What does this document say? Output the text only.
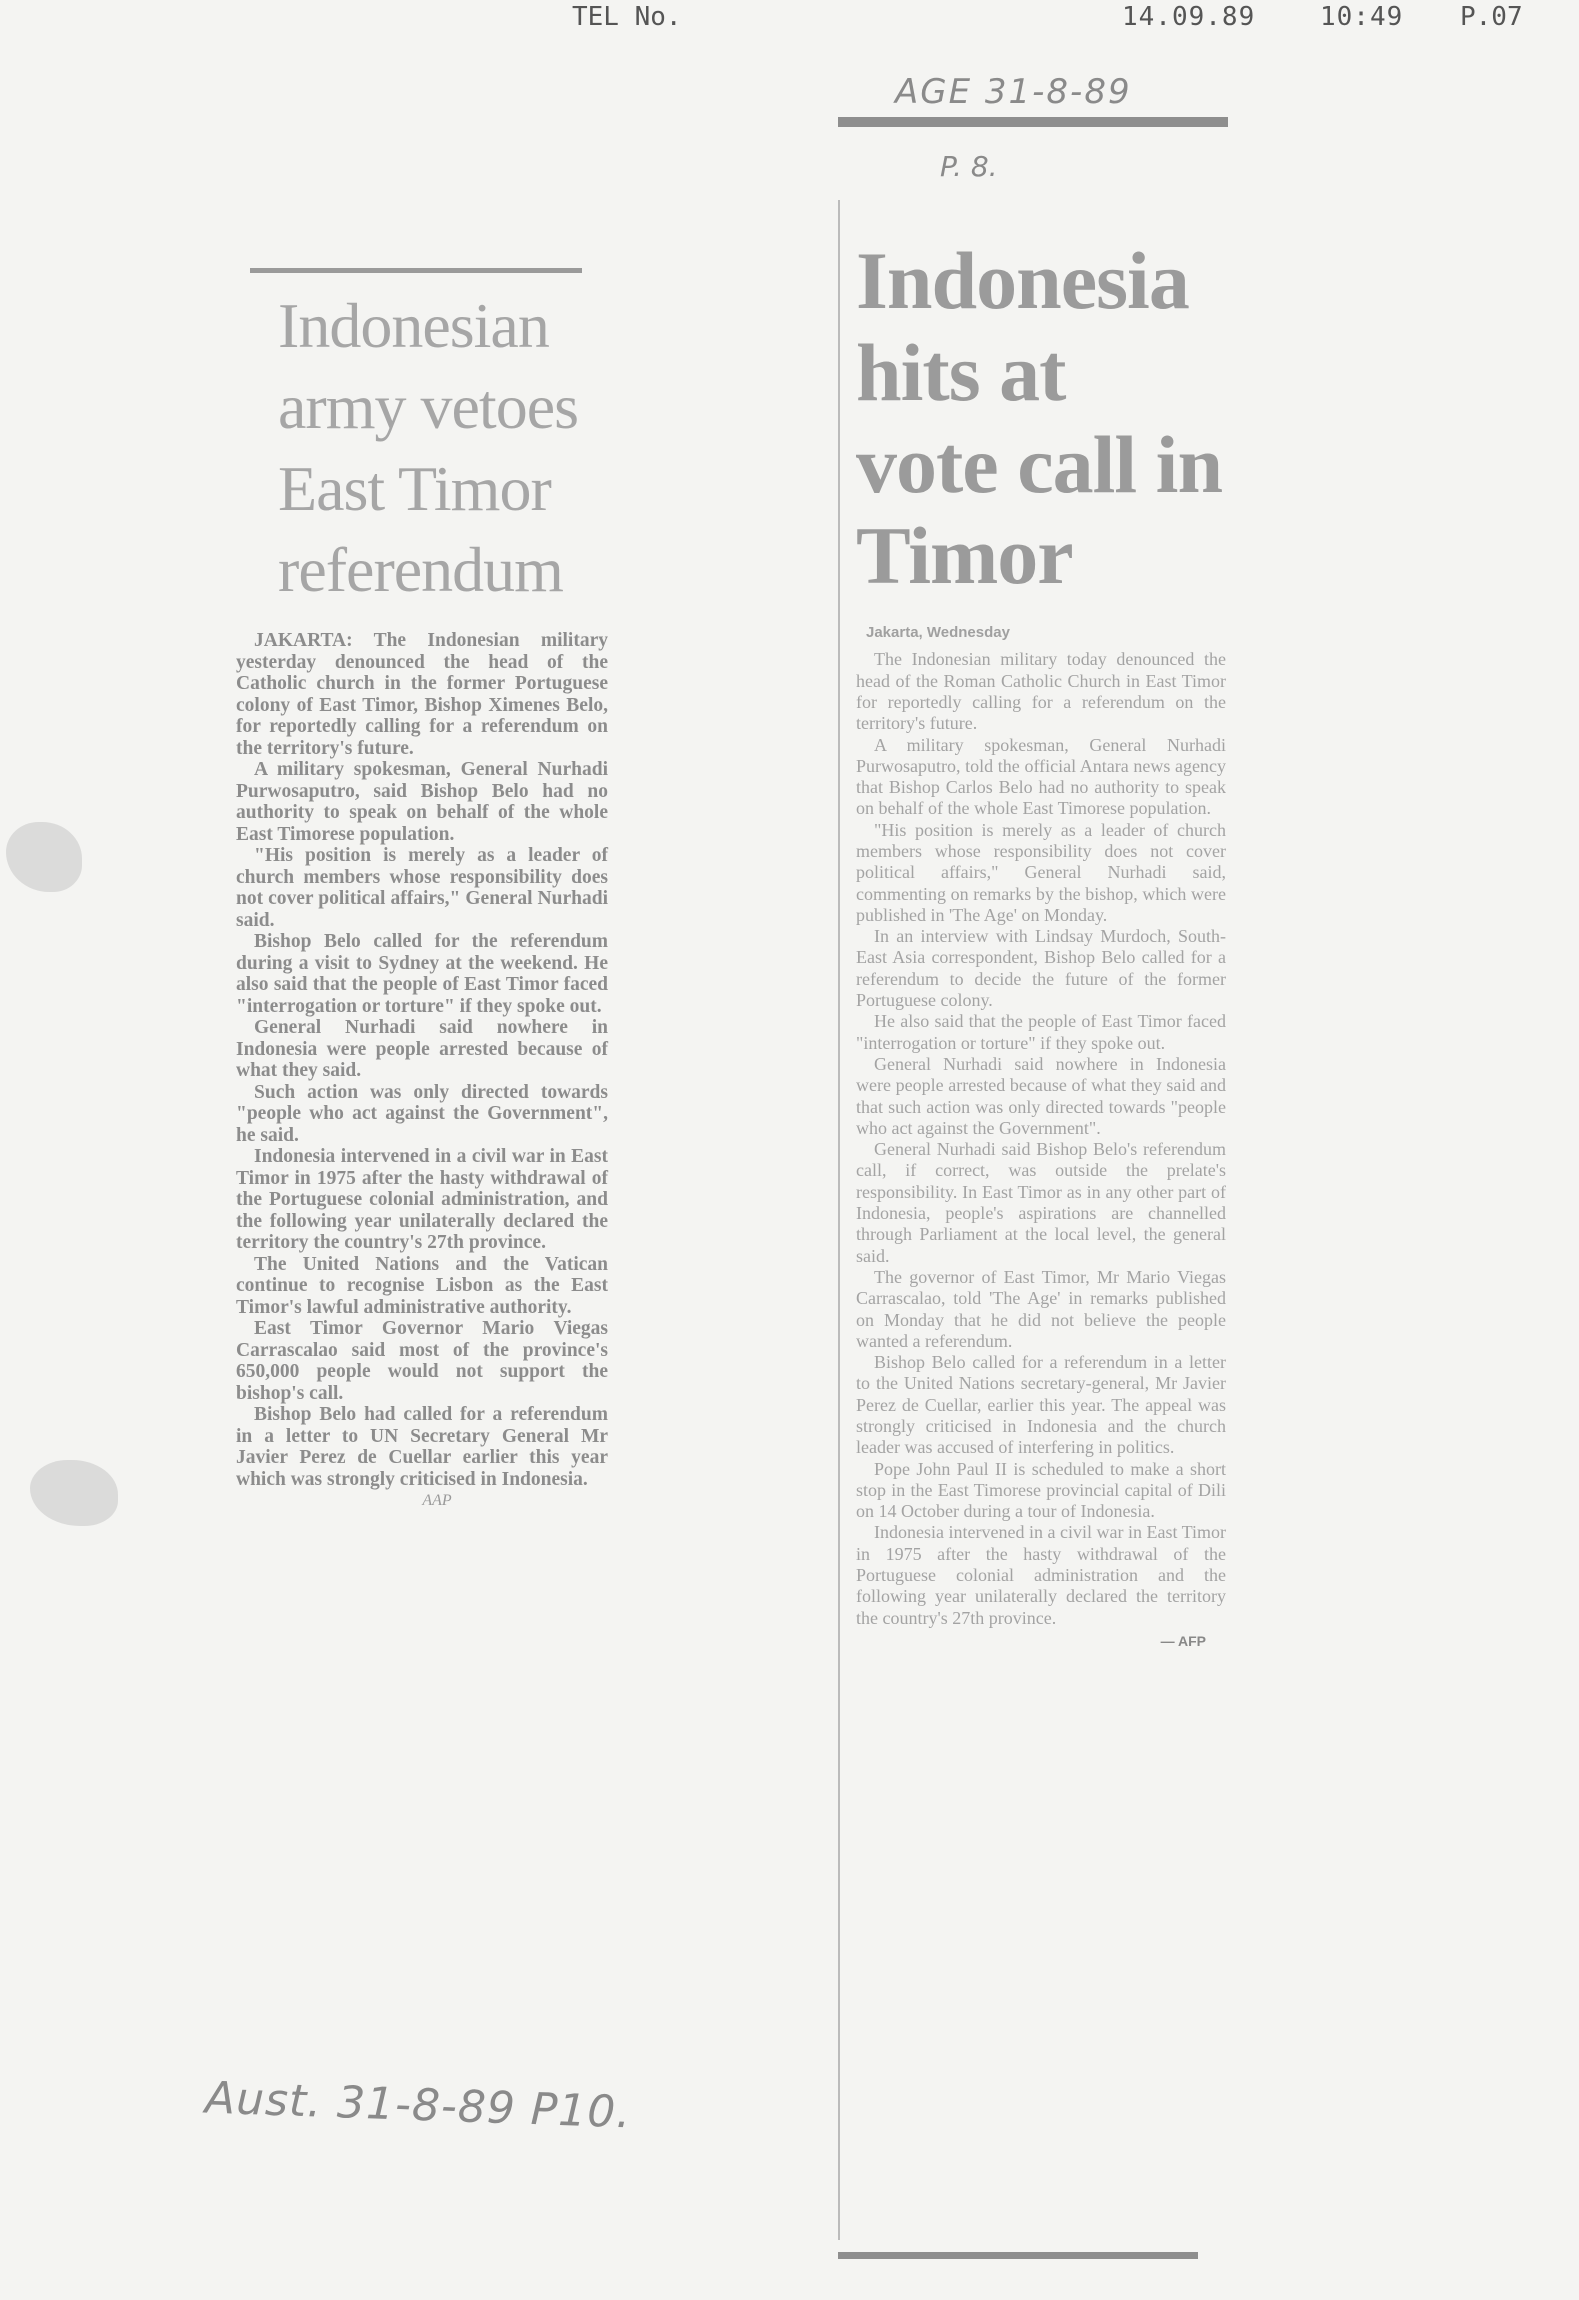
TEL No.	14.09.89 10:49 P.07
AGE 31-8-89
P. 8.
Indonesian army vetoes East Timor referendum

JAKARTA: The Indonesian military yesterday denounced the head of the Catholic church in the former Portuguese colony of East Timor, Bishop Ximenes Belo, for reportedly calling for a referendum on the territory's future.

A military spokesman, General Nurhadi Purwosaputro, said Bishop Belo had no authority to speak on behalf of the whole East Timorese population.

"His position is merely as a leader of church members whose responsibility does not cover political affairs," General Nurhadi said.

Bishop Belo called for the referendum during a visit to Sydney at the weekend. He also said that the people of East Timor faced "interrogation or torture" if they spoke out.

General Nurhadi said nowhere in Indonesia were people arrested because of what they said.

Such action was only directed towards "people who act against the Government", he said.

Indonesia intervened in a civil war in East Timor in 1975 after the hasty withdrawal of the Portuguese colonial administration, and the following year unilaterally declared the territory the country's 27th province.

The United Nations and the Vatican continue to recognise Lisbon as the East Timor's lawful administrative authority.

East Timor Governor Mario Viegas Carrascalao said most of the province's 650,000 people would not support the bishop's call.

Bishop Belo had called for a referendum in a letter to UN Secretary General Mr Javier Perez de Cuellar earlier this year which was strongly criticised in Indonesia.

AAP
Indonesia hits at vote call in Timor
Jakarta, Wednesday

The Indonesian military today denounced the head of the Roman Catholic Church in East Timor for reportedly calling for a referendum on the territory's future.

A military spokesman, General Nurhadi Purwosaputro, told the official Antara news agency that Bishop Carlos Belo had no authority to speak on behalf of the whole East Timorese population.

"His position is merely as a leader of church members whose responsibility does not cover political affairs," General Nurhadi said, commenting on remarks by the bishop, which were published in 'The Age' on Monday.

In an interview with Lindsay Murdoch, South-East Asia correspondent, Bishop Belo called for a referendum to decide the future of the former Portuguese colony.

He also said that the people of East Timor faced "interrogation or torture" if they spoke out.

General Nurhadi said nowhere in Indonesia were people arrested because of what they said and that such action was only directed towards "people who act against the Government".

General Nurhadi said Bishop Belo's referendum call, if correct, was outside the prelate's responsibility. In East Timor as in any other part of Indonesia, people's aspirations are channelled through Parliament at the local level, the general said.

The governor of East Timor, Mr Mario Viegas Carrascalao, told 'The Age' in remarks published on Monday that he did not believe the people wanted a referendum.

Bishop Belo called for a referendum in a letter to the United Nations secretary-general, Mr Javier Perez de Cuellar, earlier this year. The appeal was strongly criticised in Indonesia and the church leader was accused of interfering in politics.

Pope John Paul II is scheduled to make a short stop in the East Timorese provincial capital of Dili on 14 October during a tour of Indonesia.

Indonesia intervened in a civil war in East Timor in 1975 after the hasty withdrawal of the Portuguese colonial administration and the following year unilaterally declared the territory the country's 27th province.

— AFP
Aust. 31-8-89 P10.
